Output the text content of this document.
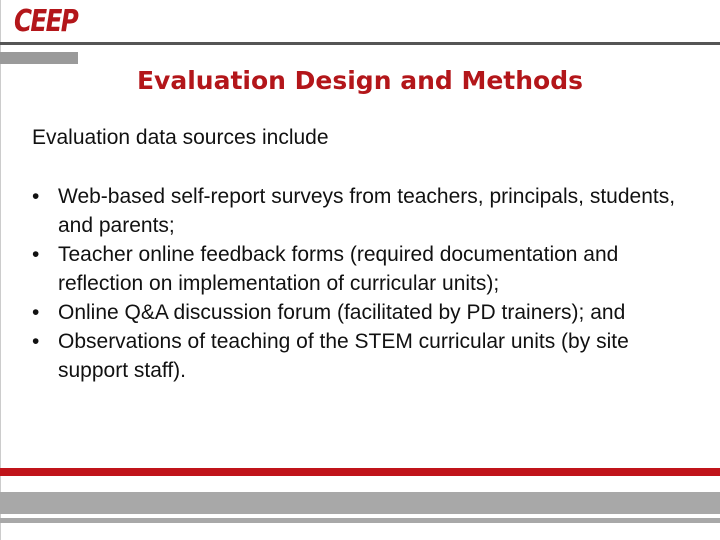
CEEP
Evaluation Design and Methods
Evaluation data sources include
• Web-based self-report surveys from teachers, principals, students, and parents;
• Teacher online feedback forms (required documentation and reflection on implementation of curricular units);
• Online Q&A discussion forum (facilitated by PD trainers); and
• Observations of teaching of the STEM curricular units (by site support staff).
